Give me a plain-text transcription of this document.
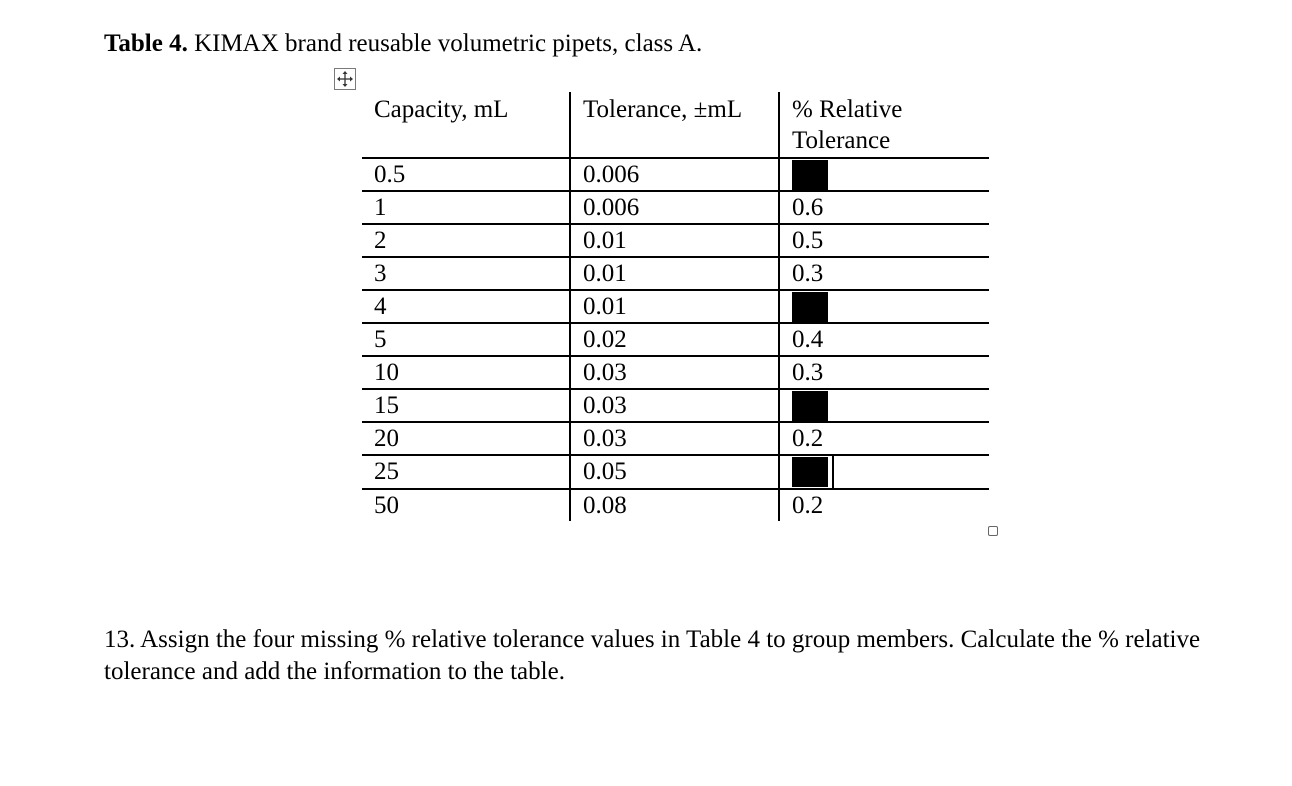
Table 4. KIMAX brand reusable volumetric pipets, class A.
Capacity, mL	Tolerance, ±mL	% Relative Tolerance
0.5	0.006	
1	0.006	0.6
2	0.01	0.5
3	0.01	0.3
4	0.01	
5	0.02	0.4
10	0.03	0.3
15	0.03	
20	0.03	0.2
25	0.05	
50	0.08	0.2
13. Assign the four missing % relative tolerance values in Table 4 to group members. Calculate the % relative tolerance and add the information to the table.
